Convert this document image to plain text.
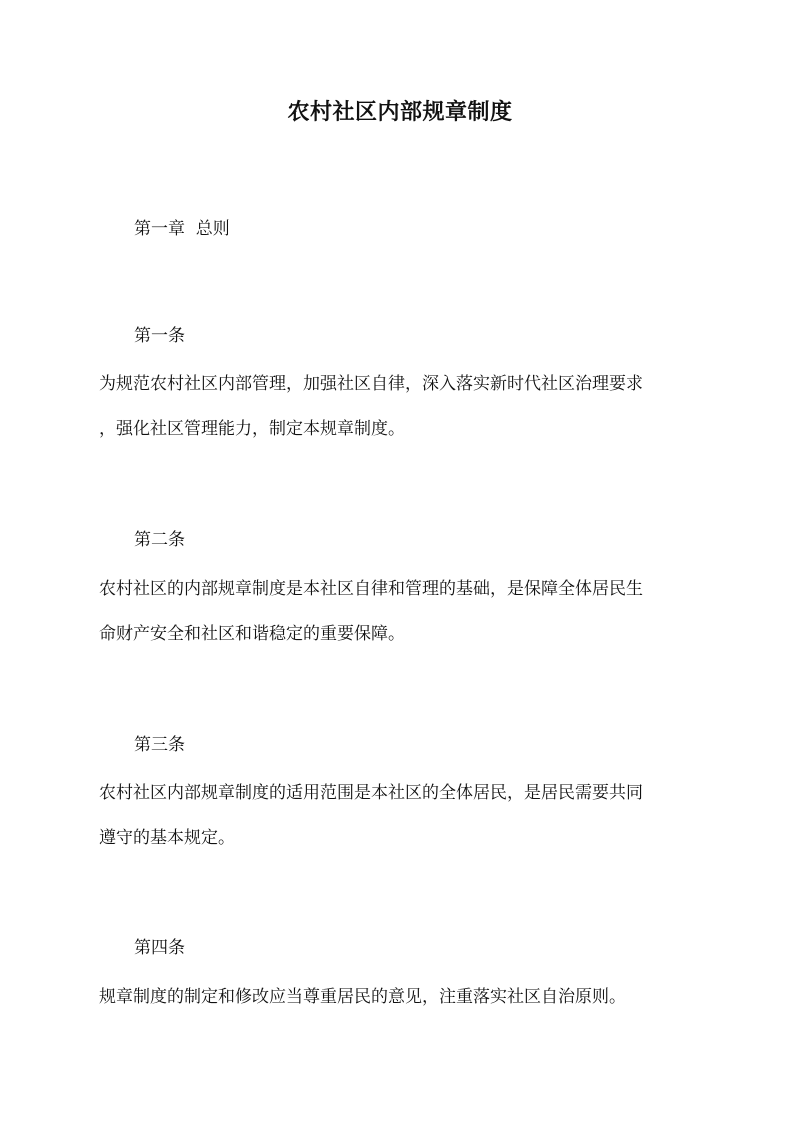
农村社区内部规章制度

第一章  总则

第一条

为规范农村社区内部管理，加强社区自律，深入落实新时代社区治理要求
，强化社区管理能力，制定本规章制度。

第二条

农村社区的内部规章制度是本社区自律和管理的基础，是保障全体居民生
命财产安全和社区和谐稳定的重要保障。

第三条

农村社区内部规章制度的适用范围是本社区的全体居民，是居民需要共同
遵守的基本规定。

第四条

规章制度的制定和修改应当尊重居民的意见，注重落实社区自治原则。
